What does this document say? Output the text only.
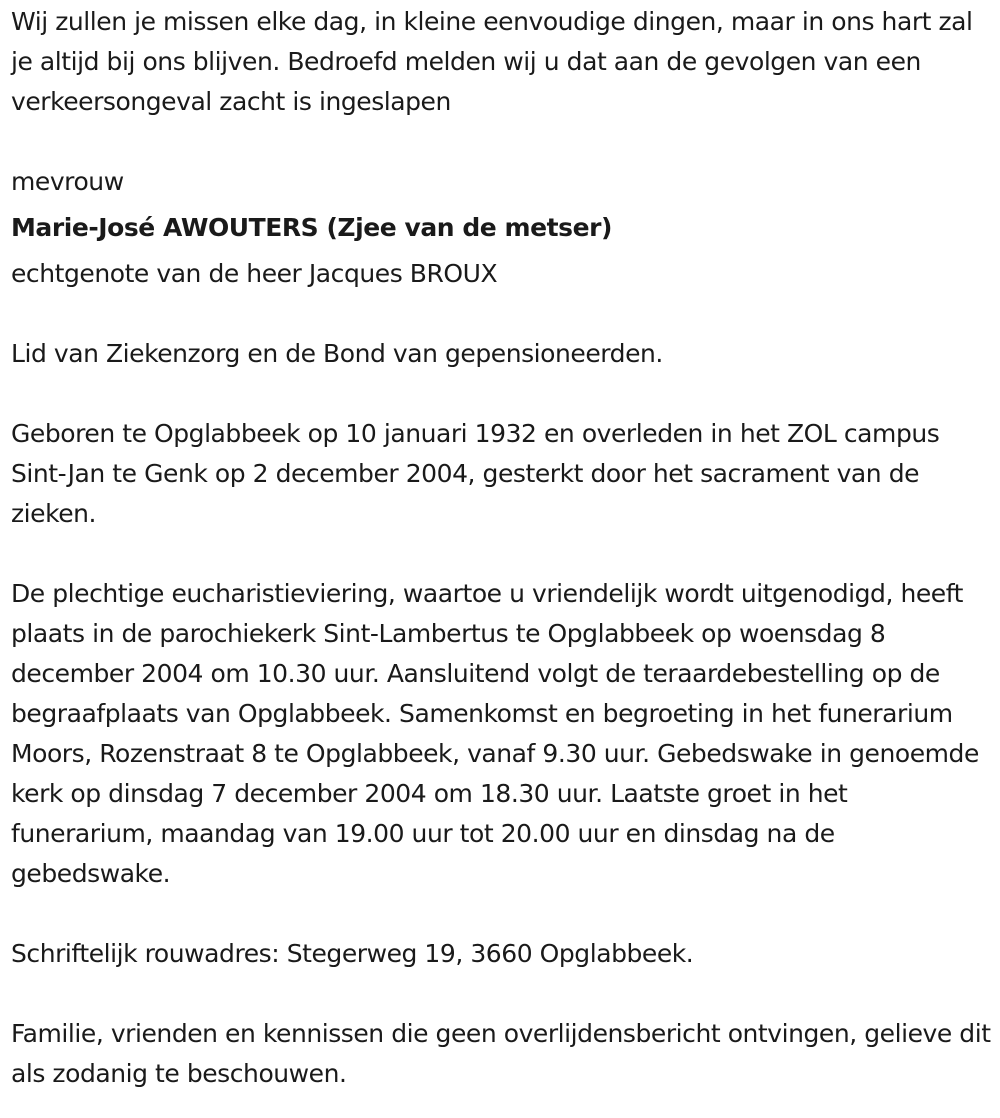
Wij zullen je missen elke dag, in kleine eenvoudige dingen, maar in ons hart zal je altijd bij ons blijven. Bedroefd melden wij u dat aan de gevolgen van een verkeersongeval zacht is ingeslapen

mevrouw

Marie-José AWOUTERS (Zjee van de metser)

echtgenote van de heer Jacques BROUX

Lid van Ziekenzorg en de Bond van gepensioneerden.

Geboren te Opglabbeek op 10 januari 1932 en overleden in het ZOL campus Sint-Jan te Genk op 2 december 2004, gesterkt door het sacrament van de zieken.

De plechtige eucharistieviering, waartoe u vriendelijk wordt uitgenodigd, heeft plaats in de parochiekerk Sint-Lambertus te Opglabbeek op woensdag 8 december 2004 om 10.30 uur. Aansluitend volgt de teraardebestelling op de begraafplaats van Opglabbeek. Samenkomst en begroeting in het funerarium Moors, Rozenstraat 8 te Opglabbeek, vanaf 9.30 uur. Gebedswake in genoemde kerk op dinsdag 7 december 2004 om 18.30 uur. Laatste groet in het funerarium, maandag van 19.00 uur tot 20.00 uur en dinsdag na de gebedswake.

Schriftelijk rouwadres: Stegerweg 19, 3660 Opglabbeek.

Familie, vrienden en kennissen die geen overlijdensbericht ontvingen, gelieve dit als zodanig te beschouwen.
